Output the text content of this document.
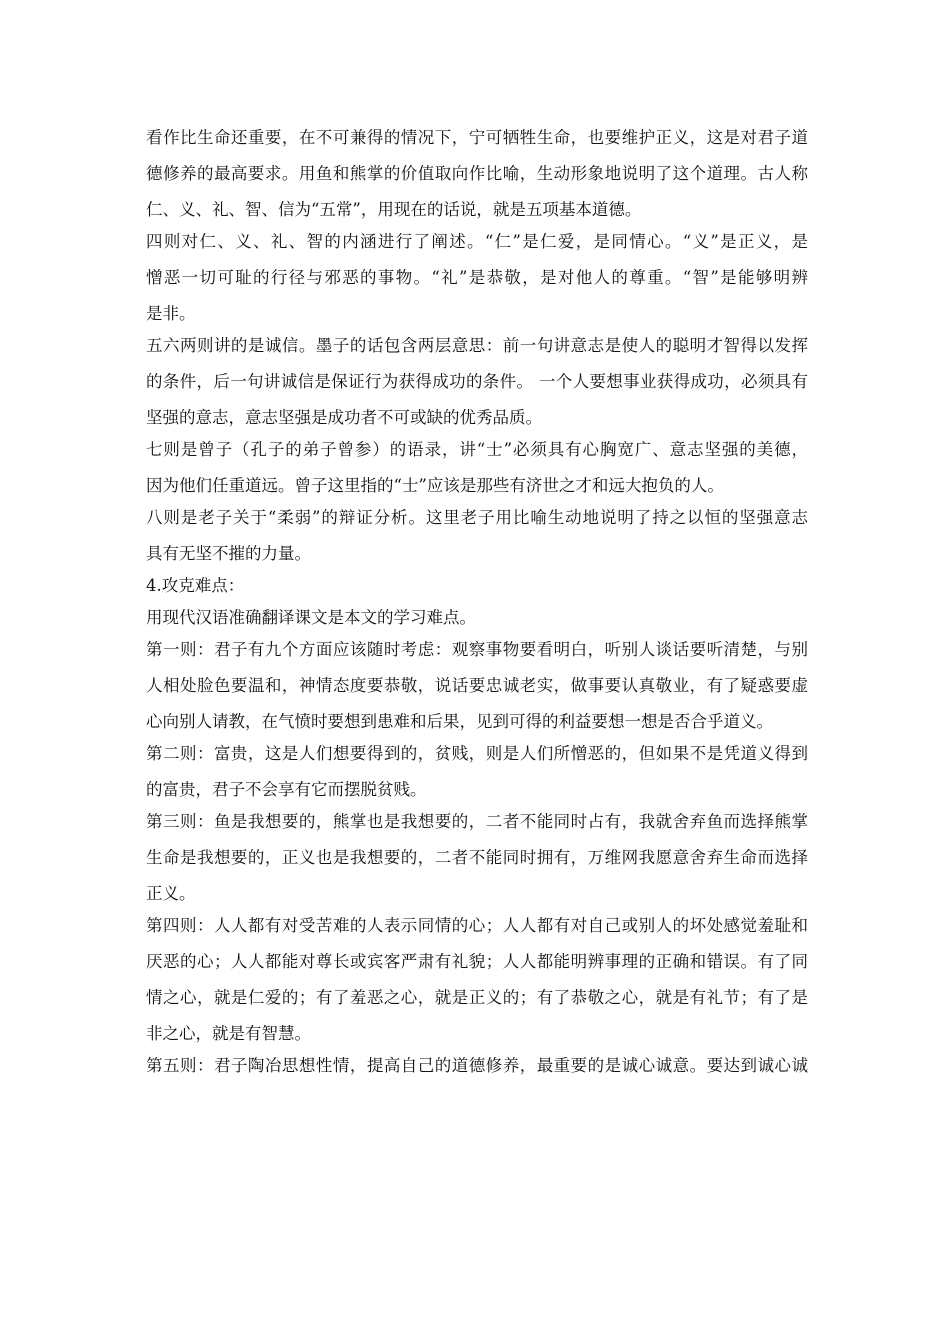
看作比生命还重要，在不可兼得的情况下，宁可牺牲生命，也要维护正义，这是对君子道
德修养的最高要求。用鱼和熊掌的价值取向作比喻，生动形象地说明了这个道理。古人称
仁、义、礼、智、信为“五常”，用现在的话说，就是五项基本道德。
四则对仁、义、礼、智的内涵进行了阐述。“仁”是仁爱，是同情心。“义”是正义，是
憎恶一切可耻的行径与邪恶的事物。“礼”是恭敬，是对他人的尊重。“智”是能够明辨
是非。
五六两则讲的是诚信。墨子的话包含两层意思：前一句讲意志是使人的聪明才智得以发挥
的条件，后一句讲诚信是保证行为获得成功的条件。 一个人要想事业获得成功，必须具有
坚强的意志，意志坚强是成功者不可或缺的优秀品质。
七则是曾子（孔子的弟子曾参）的语录，讲“士”必须具有心胸宽广、意志坚强的美德，
因为他们任重道远。曾子这里指的“士”应该是那些有济世之才和远大抱负的人。
八则是老子关于“柔弱”的辩证分析。这里老子用比喻生动地说明了持之以恒的坚强意志
具有无坚不摧的力量。
4.攻克难点：
用现代汉语准确翻译课文是本文的学习难点。
第一则：君子有九个方面应该随时考虑：观察事物要看明白，听别人谈话要听清楚，与别
人相处脸色要温和，神情态度要恭敬，说话要忠诚老实，做事要认真敬业，有了疑惑要虚
心向别人请教，在气愤时要想到患难和后果，见到可得的利益要想一想是否合乎道义。
第二则：富贵，这是人们想要得到的，贫贱，则是人们所憎恶的，但如果不是凭道义得到
的富贵，君子不会享有它而摆脱贫贱。
第三则：鱼是我想要的，熊掌也是我想要的，二者不能同时占有，我就舍弃鱼而选择熊掌
生命是我想要的，正义也是我想要的，二者不能同时拥有，万维网我愿意舍弃生命而选择
正义。
第四则：人人都有对受苦难的人表示同情的心；人人都有对自己或别人的坏处感觉羞耻和
厌恶的心；人人都能对尊长或宾客严肃有礼貌；人人都能明辨事理的正确和错误。有了同
情之心，就是仁爱的；有了羞恶之心，就是正义的；有了恭敬之心，就是有礼节；有了是
非之心，就是有智慧。
第五则：君子陶冶思想性情，提高自己的道德修养，最重要的是诚心诚意。要达到诚心诚
